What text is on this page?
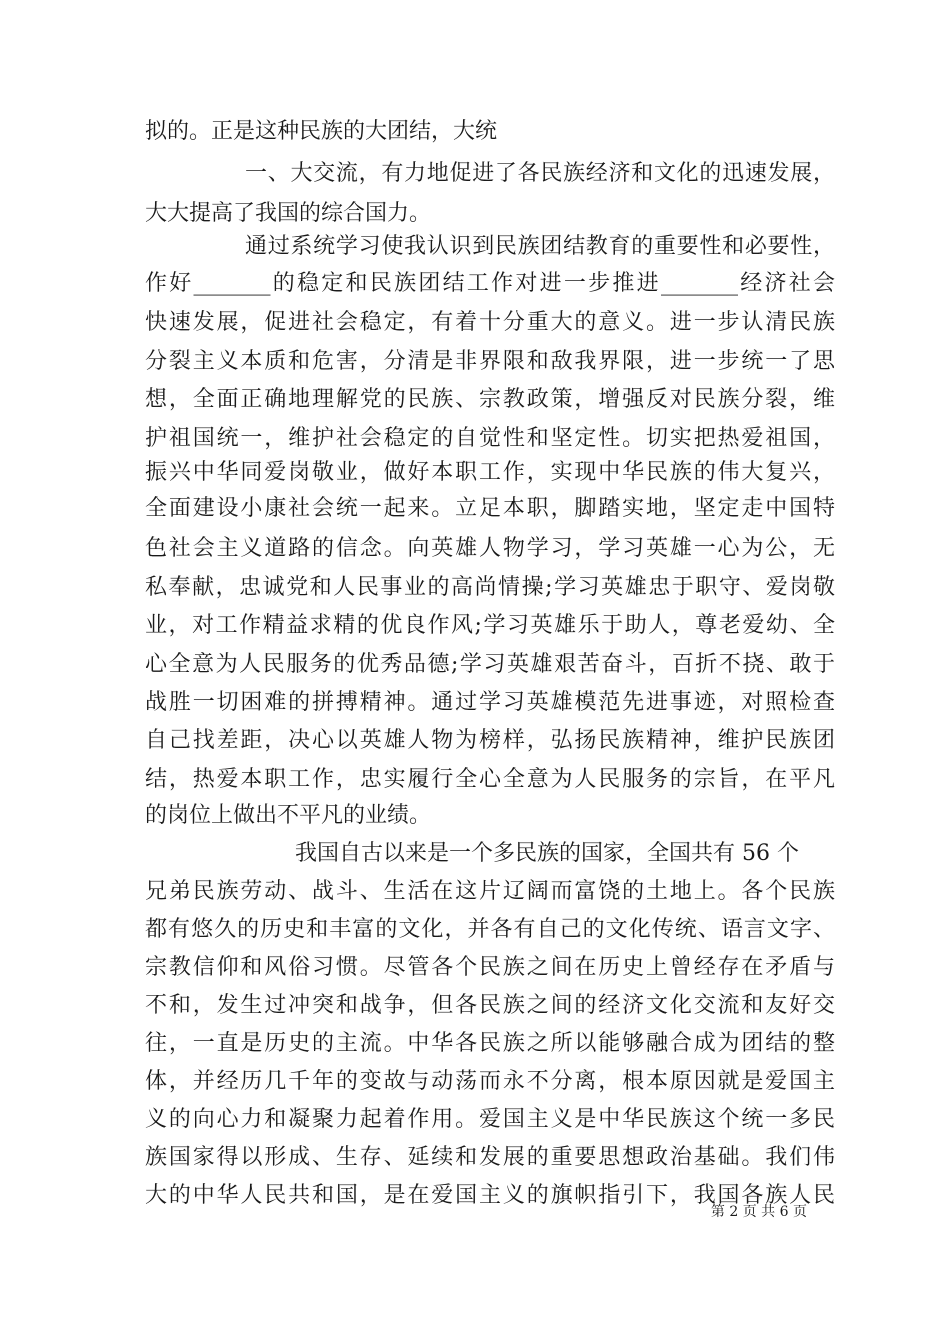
拟的。正是这种民族的大团结，大统
一、大交流，有力地促进了各民族经济和文化的迅速发展，
大大提高了我国的综合国力。
通过系统学习使我认识到民族团结教育的重要性和必要性，
作好_______的稳定和民族团结工作对进一步推进_______经济社会
快速发展，促进社会稳定，有着十分重大的意义。进一步认清民族
分裂主义本质和危害，分清是非界限和敌我界限，进一步统一了思
想，全面正确地理解党的民族、宗教政策，增强反对民族分裂，维
护祖国统一，维护社会稳定的自觉性和坚定性。切实把热爱祖国，
振兴中华同爱岗敬业，做好本职工作，实现中华民族的伟大复兴，
全面建设小康社会统一起来。立足本职，脚踏实地，坚定走中国特
色社会主义道路的信念。向英雄人物学习，学习英雄一心为公，无
私奉献，忠诚党和人民事业的高尚情操;学习英雄忠于职守、爱岗敬
业，对工作精益求精的优良作风;学习英雄乐于助人，尊老爱幼、全
心全意为人民服务的优秀品德;学习英雄艰苦奋斗，百折不挠、敢于
战胜一切困难的拼搏精神。通过学习英雄模范先进事迹，对照检查
自己找差距，决心以英雄人物为榜样，弘扬民族精神，维护民族团
结，热爱本职工作，忠实履行全心全意为人民服务的宗旨，在平凡
的岗位上做出不平凡的业绩。
我国自古以来是一个多民族的国家，全国共有 56 个
兄弟民族劳动、战斗、生活在这片辽阔而富饶的土地上。各个民族
都有悠久的历史和丰富的文化，并各有自己的文化传统、语言文字、
宗教信仰和风俗习惯。尽管各个民族之间在历史上曾经存在矛盾与
不和，发生过冲突和战争，但各民族之间的经济文化交流和友好交
往，一直是历史的主流。中华各民族之所以能够融合成为团结的整
体，并经历几千年的变故与动荡而永不分离，根本原因就是爱国主
义的向心力和凝聚力起着作用。爱国主义是中华民族这个统一多民
族国家得以形成、生存、延续和发展的重要思想政治基础。我们伟
大的中华人民共和国，是在爱国主义的旗帜指引下，我国各族人民
第 2 页 共 6 页
